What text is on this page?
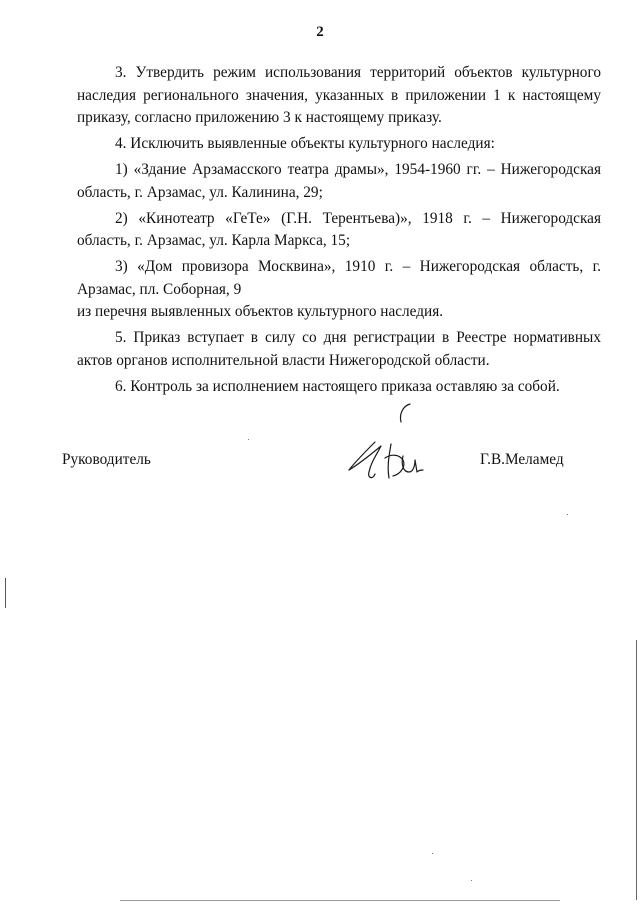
2

3. Утвердить режим использования территорий объектов культурного наследия регионального значения, указанных в приложении 1 к настоящему приказу, согласно приложению 3 к настоящему приказу.

4. Исключить выявленные объекты культурного наследия:

1) «Здание Арзамасского театра драмы», 1954-1960 гг. – Нижегородская область, г. Арзамас, ул. Калинина, 29;

2) «Кинотеатр «ГеТе» (Г.Н. Терентьева)», 1918 г. – Нижегородская область, г. Арзамас, ул. Карла Маркса, 15;

3) «Дом провизора Москвина», 1910 г. – Нижегородская область, г. Арзамас, пл. Соборная, 9

из перечня выявленных объектов культурного наследия.

5. Приказ вступает в силу со дня регистрации в Реестре нормативных актов органов исполнительной власти Нижегородской области.

6. Контроль за исполнением настоящего приказа оставляю за собой.

Руководитель	Г.В.Меламед
